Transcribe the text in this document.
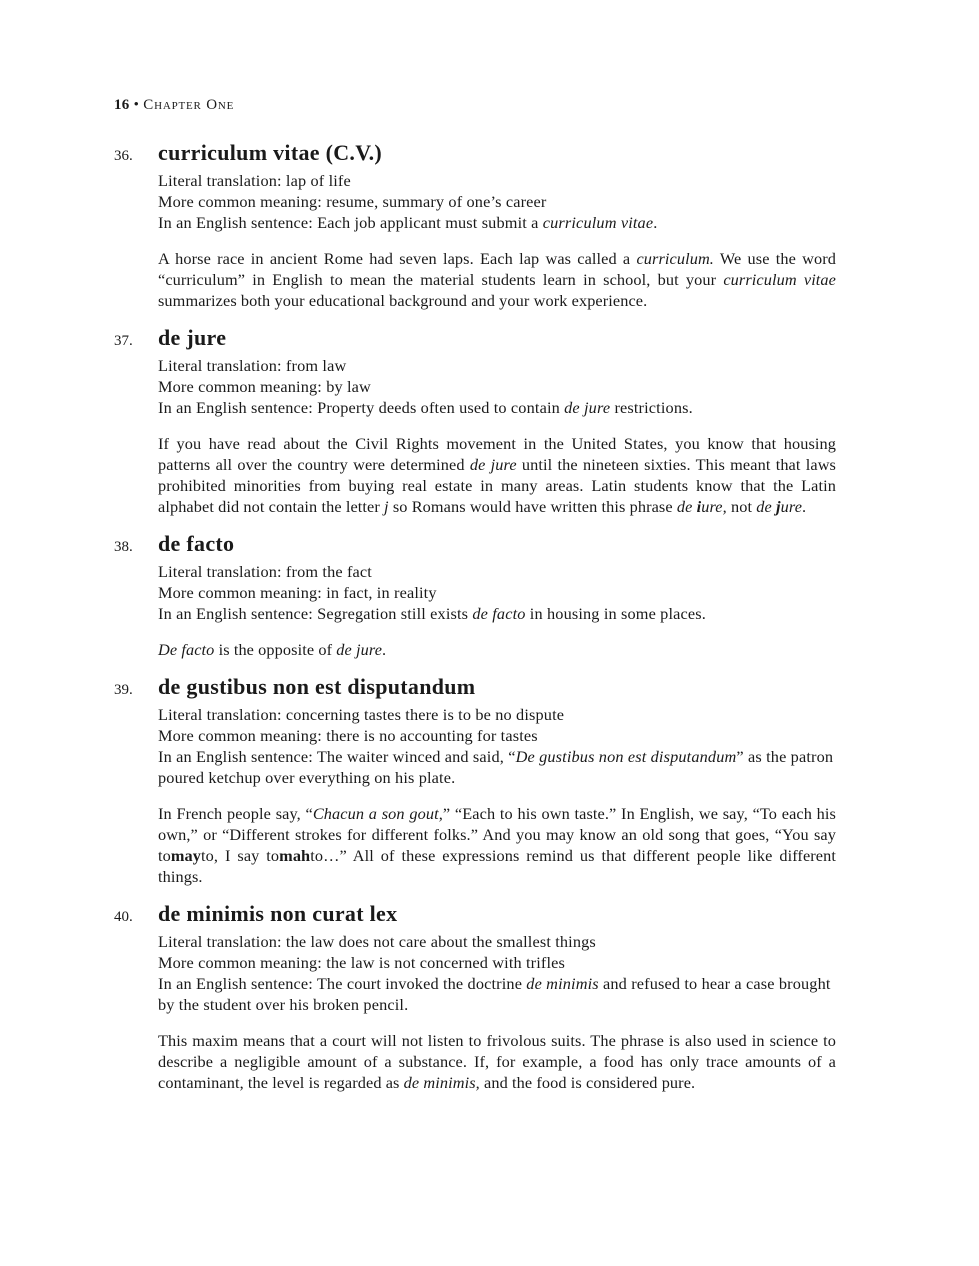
16 • Chapter One
36.	curriculum vitae (C.V.)
Literal translation: lap of life
More common meaning: resume, summary of one’s career
In an English sentence: Each job applicant must submit a curriculum vitae.
A horse race in ancient Rome had seven laps. Each lap was called a curriculum. We use the word “curriculum” in English to mean the material students learn in school, but your curriculum vitae summarizes both your educational background and your work experience.
37.	de jure
Literal translation: from law
More common meaning: by law
In an English sentence: Property deeds often used to contain de jure restrictions.
If you have read about the Civil Rights movement in the United States, you know that housing patterns all over the country were determined de jure until the nineteen sixties. This meant that laws prohibited minorities from buying real estate in many areas. Latin students know that the Latin alphabet did not contain the letter j so Romans would have written this phrase de iure, not de jure.
38.	de facto
Literal translation: from the fact
More common meaning: in fact, in reality
In an English sentence: Segregation still exists de facto in housing in some places.
De facto is the opposite of de jure.
39.	de gustibus non est disputandum
Literal translation: concerning tastes there is to be no dispute
More common meaning: there is no accounting for tastes
In an English sentence: The waiter winced and said, “De gustibus non est disputandum” as the patron poured ketchup over everything on his plate.
In French people say, “Chacun a son gout,” “Each to his own taste.” In English, we say, “To each his own,” or “Different strokes for different folks.” And you may know an old song that goes, “You say tomayto, I say tomahto…” All of these expressions remind us that different people like different things.
40.	de minimis non curat lex
Literal translation: the law does not care about the smallest things
More common meaning: the law is not concerned with trifles
In an English sentence: The court invoked the doctrine de minimis and refused to hear a case brought by the student over his broken pencil.
This maxim means that a court will not listen to frivolous suits. The phrase is also used in science to describe a negligible amount of a substance. If, for example, a food has only trace amounts of a contaminant, the level is regarded as de minimis, and the food is considered pure.
